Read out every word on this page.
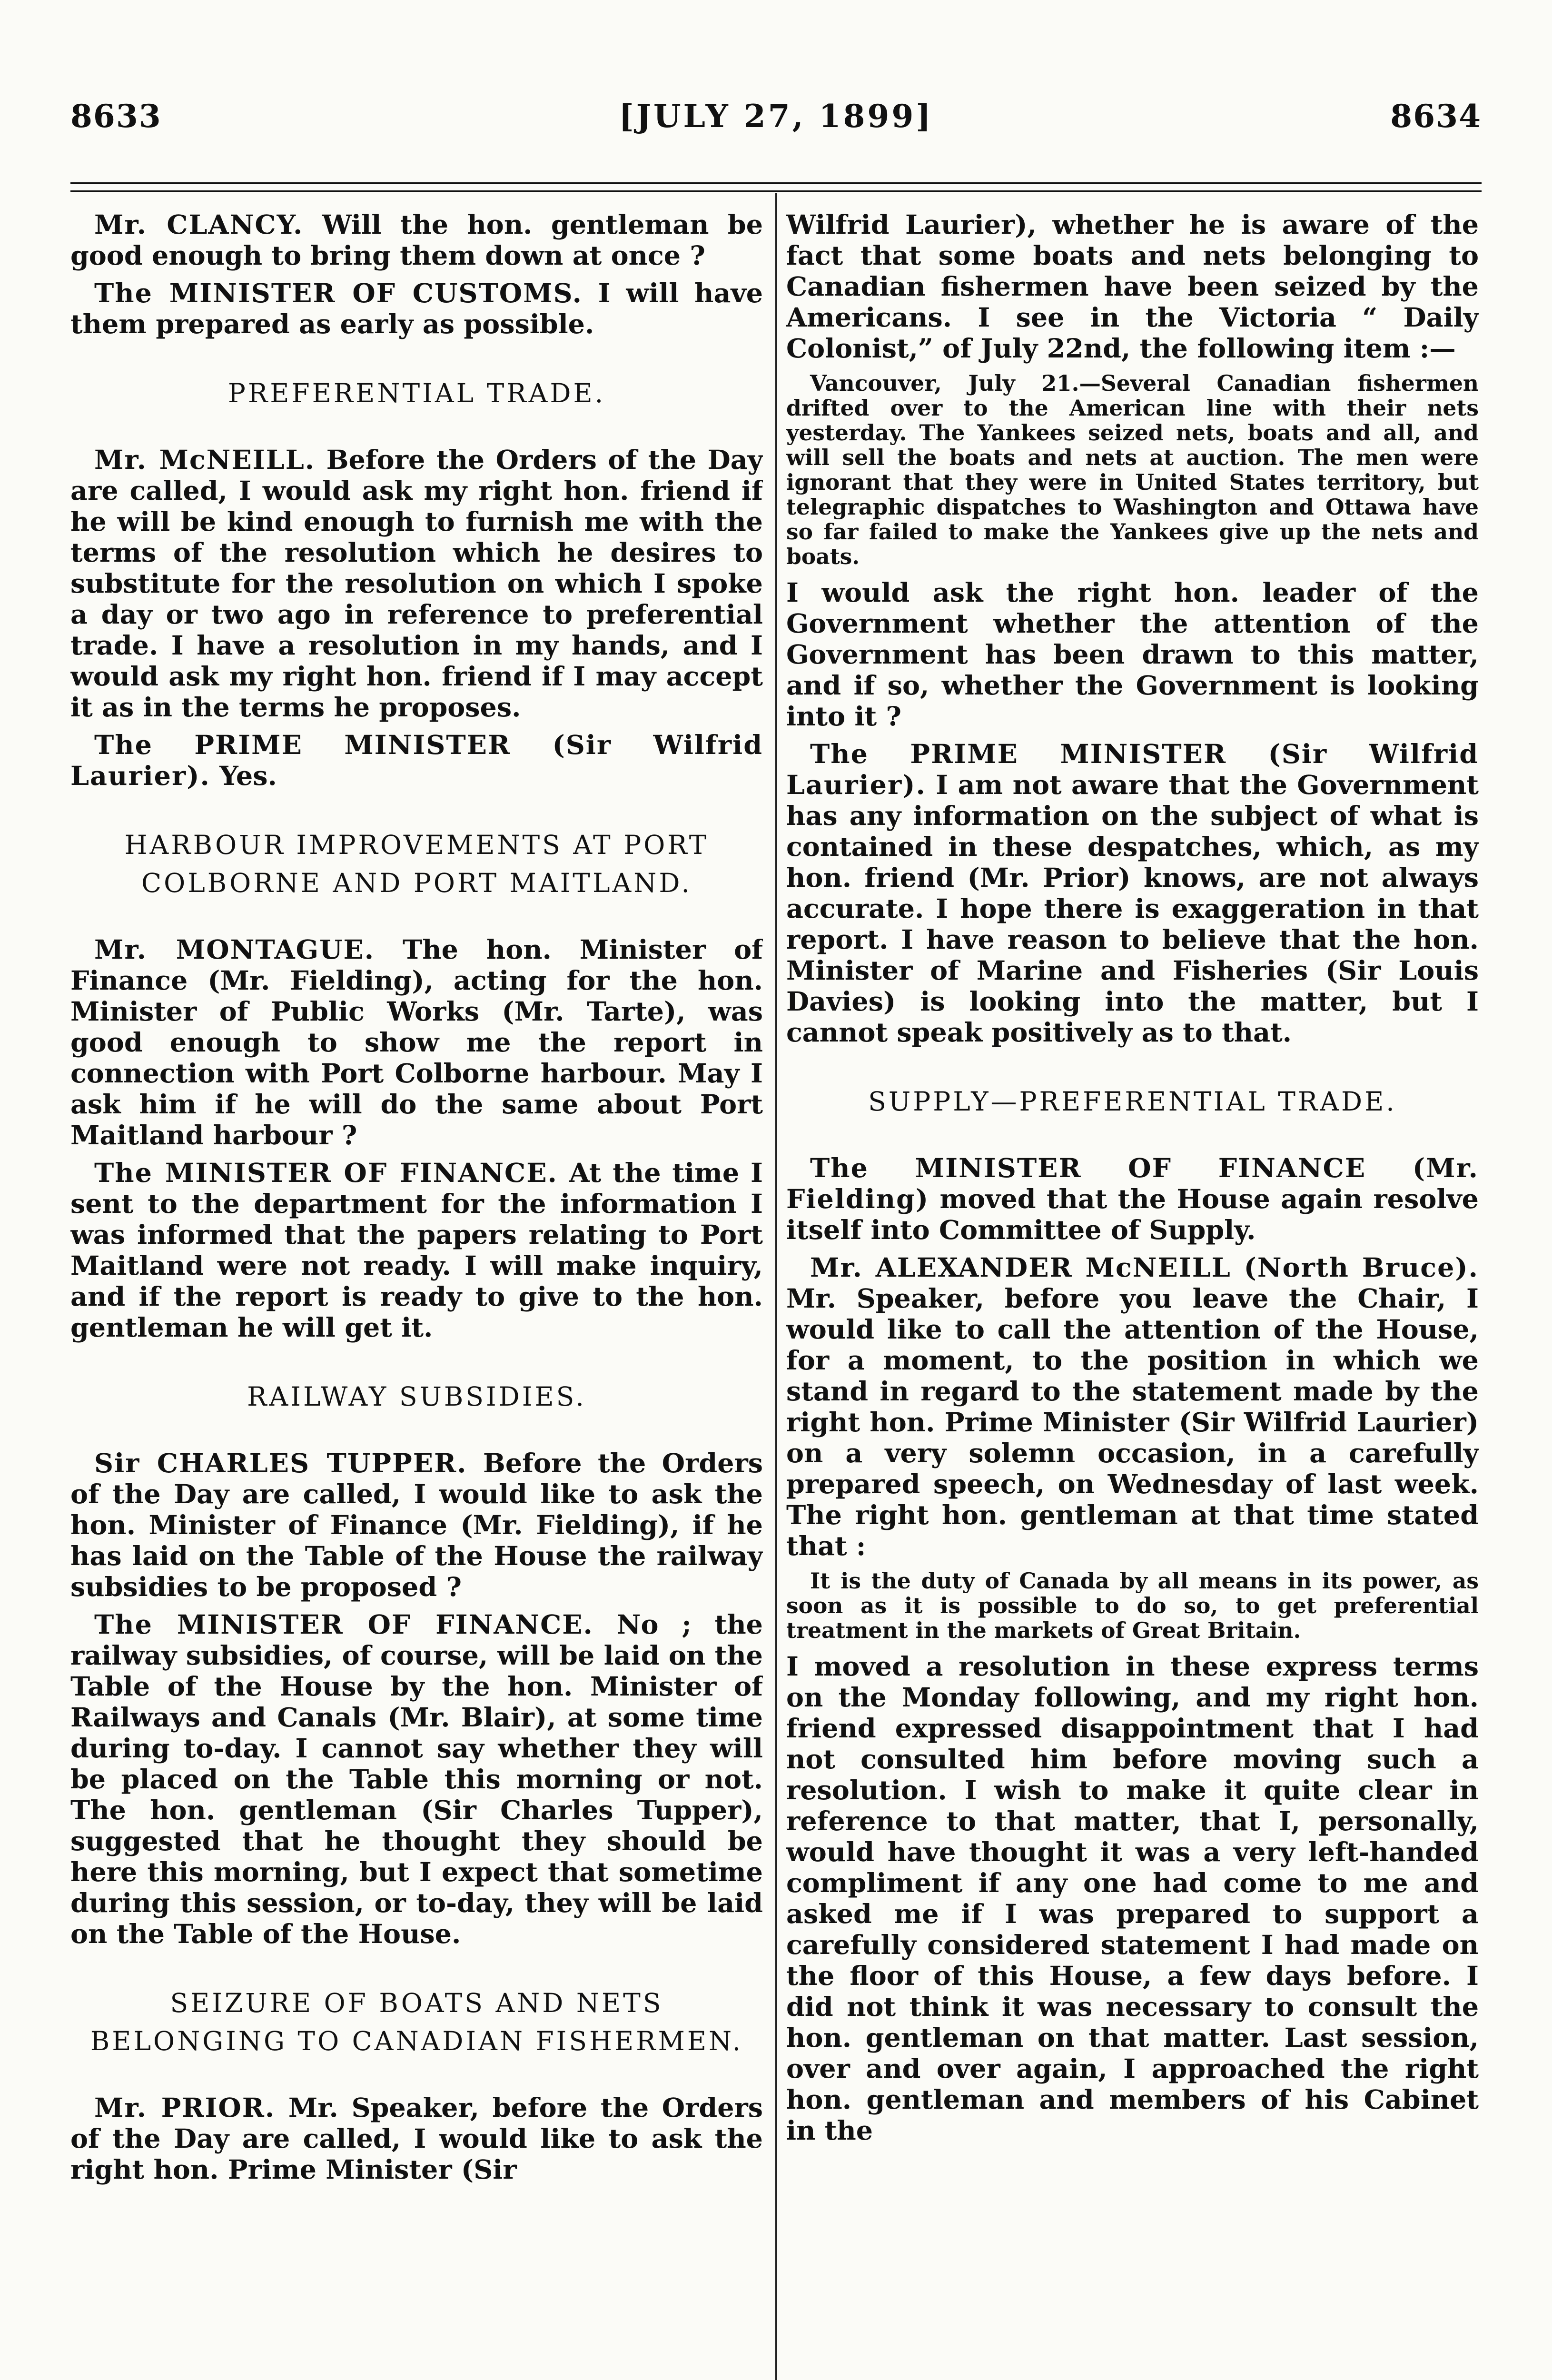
8633	[JULY 27, 1899]	8634

Mr. CLANCY. Will the hon. gentleman be good enough to bring them down at once ?

The MINISTER OF CUSTOMS. I will have them prepared as early as possible.

PREFERENTIAL TRADE.

Mr. McNEILL. Before the Orders of the Day are called, I would ask my right hon. friend if he will be kind enough to furnish me with the terms of the resolution which he desires to substitute for the resolution on which I spoke a day or two ago in reference to preferential trade. I have a resolution in my hands, and I would ask my right hon. friend if I may accept it as in the terms he proposes.

The PRIME MINISTER (Sir Wilfrid Laurier). Yes.

HARBOUR IMPROVEMENTS AT PORT COLBORNE AND PORT MAITLAND.

Mr. MONTAGUE. The hon. Minister of Finance (Mr. Fielding), acting for the hon. Minister of Public Works (Mr. Tarte), was good enough to show me the report in connection with Port Colborne harbour. May I ask him if he will do the same about Port Maitland harbour ?

The MINISTER OF FINANCE. At the time I sent to the department for the information I was informed that the papers relating to Port Maitland were not ready. I will make inquiry, and if the report is ready to give to the hon. gentleman he will get it.

RAILWAY SUBSIDIES.

Sir CHARLES TUPPER. Before the Orders of the Day are called, I would like to ask the hon. Minister of Finance (Mr. Fielding), if he has laid on the Table of the House the railway subsidies to be proposed ?

The MINISTER OF FINANCE. No ; the railway subsidies, of course, will be laid on the Table of the House by the hon. Minister of Railways and Canals (Mr. Blair), at some time during to-day. I cannot say whether they will be placed on the Table this morning or not. The hon. gentleman (Sir Charles Tupper), suggested that he thought they should be here this morning, but I expect that sometime during this session, or to-day, they will be laid on the Table of the House.

SEIZURE OF BOATS AND NETS BELONGING TO CANADIAN FISHERMEN.

Mr. PRIOR. Mr. Speaker, before the Orders of the Day are called, I would like to ask the right hon. Prime Minister (Sir

Wilfrid Laurier), whether he is aware of the fact that some boats and nets belonging to Canadian fishermen have been seized by the Americans. I see in the Victoria “ Daily Colonist,” of July 22nd, the following item :—

Vancouver, July 21.—Several Canadian fishermen drifted over to the American line with their nets yesterday. The Yankees seized nets, boats and all, and will sell the boats and nets at auction. The men were ignorant that they were in United States territory, but telegraphic dispatches to Washington and Ottawa have so far failed to make the Yankees give up the nets and boats.

I would ask the right hon. leader of the Government whether the attention of the Government has been drawn to this matter, and if so, whether the Government is looking into it ?

The PRIME MINISTER (Sir Wilfrid Laurier). I am not aware that the Government has any information on the subject of what is contained in these despatches, which, as my hon. friend (Mr. Prior) knows, are not always accurate. I hope there is exaggeration in that report. I have reason to believe that the hon. Minister of Marine and Fisheries (Sir Louis Davies) is looking into the matter, but I cannot speak positively as to that.

SUPPLY—PREFERENTIAL TRADE.

The MINISTER OF FINANCE (Mr. Fielding) moved that the House again resolve itself into Committee of Supply.

Mr. ALEXANDER McNEILL (North Bruce). Mr. Speaker, before you leave the Chair, I would like to call the attention of the House, for a moment, to the position in which we stand in regard to the statement made by the right hon. Prime Minister (Sir Wilfrid Laurier) on a very solemn occasion, in a carefully prepared speech, on Wednesday of last week. The right hon. gentleman at that time stated that :

It is the duty of Canada by all means in its power, as soon as it is possible to do so, to get preferential treatment in the markets of Great Britain.

I moved a resolution in these express terms on the Monday following, and my right hon. friend expressed disappointment that I had not consulted him before moving such a resolution. I wish to make it quite clear in reference to that matter, that I, personally, would have thought it was a very left-handed compliment if any one had come to me and asked me if I was prepared to support a carefully considered statement I had made on the floor of this House, a few days before. I did not think it was necessary to consult the hon. gentleman on that matter. Last session, over and over again, I approached the right hon. gentleman and members of his Cabinet in the
